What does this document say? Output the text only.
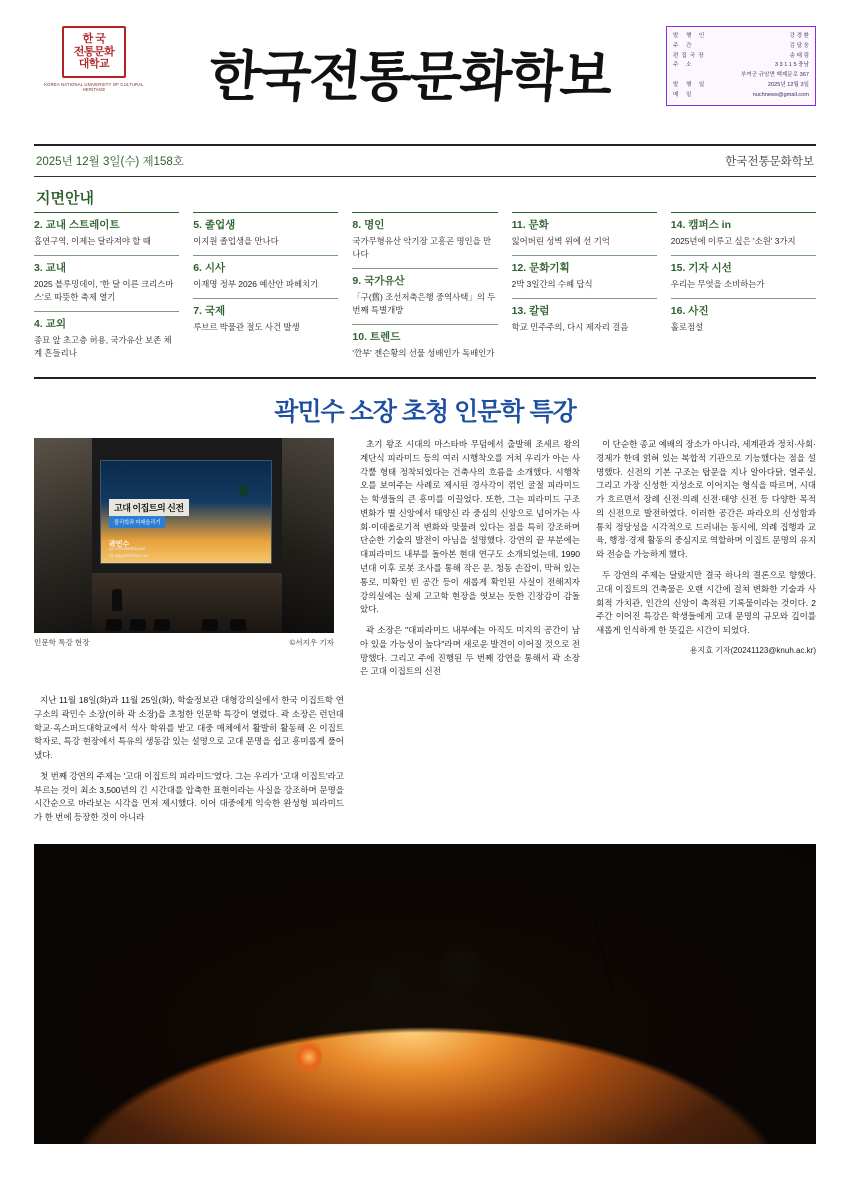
한 국
전통문화
대학교
KOREA NATIONAL UNIVERSITY OF CULTURAL HERITAGE	한국전통문화학보
발 행 인	강 경 환
주 간	김 달 웅
편집국장	송 태 림
주 소	3 3 1 1 5 충남
부여군 규암면 백제문로 367
발 행 일	2025년 12월 3일
메 일	nuchnews@gmail.com
2025년 12월 3일(수) 제158호	한국전통문화학보
지면안내
2. 교내 스트레이트
흡연구역, 이제는 달라져야 할 때
3. 교내
2025 블루밍데이, '한 달 이른 크리스마스'로 따뜻한 축제 열기
4. 교외
종묘 앞 초고층 허용, 국가유산 보존 체계 흔들리나
5. 졸업생
이지원 졸업생을 만나다
6. 시사
이재명 정부 2026 예산안 파헤치기
7. 국제
루브르 박물관 절도 사건 발생
8. 명인
국가무형유산 악기장 고흥곤 명인을 만나다
9. 국가유산
「구(舊) 조선저축은행 중역사택」의 두 번째 특별개방
10. 트렌드
'깐부' 젠슨황의 선물 성배인가 독배인가
11. 문화
잃어버린 성벽 위에 선 기억
12. 문화기획
2박 3일간의 수혜 답식
13. 칼럼
학교 민주주의, 다시 제자리 걸음
14. 캠퍼스 in
2025년에 이루고 싶은 '소원' 3가지
15. 기자 시선
우리는 무엇을 소비하는가
16. 사진
홀로점설
곽민수 소장 초청 인문학 특강
고대 이집트의 신전
물리학과 미래올리기
곽민수
@ umkwakfdcuae
@ egypt@nhite.net
인문학 특강 현장	©서지우 기자

초기 왕조 시대의 마스타바 무덤에서 출발해 조세르 왕의 계단식 피라미드 등의 여러 시행착오를 거쳐 우리가 아는 사각뿔 형태 정착되었다는 건축사의 흐름을 소개했다. 시행착오를 보여주는 사례로 제시된 경사각이 꺾인 굴절 피라미드는 학생들의 큰 흥미를 이끌었다. 또한, 그는 피라미드 구조 변화가 별 신앙에서 태양신 라 중심의 신앙으로 넘어가는 사회·이데올로기적 변화와 맞물려 있다는 점을 특히 강조하며 단순한 기술의 발전이 아님을 설명했다. 강연의 끝 부분에는 대피라미드 내부를 돌아본 현대 연구도 소개되었는데, 1990년대 이후 로봇 조사를 통해 작은 문, 청동 손잡이, 막혀 있는 통로, 미확인 빈 공간 등이 새롭게 확인된 사실이 전해지자 강의실에는 실제 고고학 현장을 엿보는 듯한 긴장감이 감돌았다.

곽 소장은 "대피라미드 내부에는 아직도 미지의 공간이 남아 있을 가능성이 높다"라며 새로운 발견이 이어질 것으로 전망했다. 그리고 주에 진행된 두 번째 강연을 통해서 곽 소장은 고대 이집트의 신전

이 단순한 종교 예배의 장소가 아니라, 세계관과 정치·사회·경제가 한데 얽혀 있는 복합적 기관으로 기능했다는 점을 설명했다. 신전의 기본 구조는 탑문을 지나 알아다닭, 열주실, 그리고 가장 신성한 지성소로 이어지는 형식을 따르며, 시대가 흐르면서 장례 신전·의례 신전·태양 신전 등 다양한 목적의 신전으로 발전하였다. 이러한 공간은 파라오의 신성함과 통치 정당성을 시각적으로 드러내는 동시에, 의례 집행과 교육, 행정·경제 활동의 중심지로 역할하며 이집트 문명의 유지와 전승을 가능하게 했다.

두 강연의 주제는 달랐지만 결국 하나의 결론으로 향했다. 고대 이집트의 건축물은 오랜 시간에 걸쳐 변화한 기술과 사회적 가치관, 인간의 신앙이 축적된 기록물이라는 것이다. 2주간 이어진 특강은 학생들에게 고대 문명의 규모와 깊이를 새롭게 인식하게 한 뜻깊은 시간이 되었다.

용지효 기자(20241123@knuh.ac.kr)

지난 11월 18일(화)과 11월 25일(화), 학술정보관 대형강의실에서 한국 이집트학 연구소의 곽민수 소장(이하 곽 소장)을 초청한 인문학 특강이 열렸다. 곽 소장은 런던대학교·옥스퍼드대학교에서 석사 학위를 받고 대중 매체에서 활발히 활동해 온 이집트 학자로, 특강 현장에서 특유의 생동감 있는 설명으로 고대 문명을 쉽고 흥미롭게 풀어냈다.

첫 번째 강연의 주제는 '고대 이집트의 피라미드'였다. 그는 우리가 '고대 이집트'라고 부르는 것이 최소 3,500년의 긴 시간대를 압축한 표현이라는 사실을 강조하며 문명을 시간순으로 바라보는 시각을 먼저 제시했다. 이어 대중에게 익숙한 완성형 피라미드가 한 번에 등장한 것이 아니라
